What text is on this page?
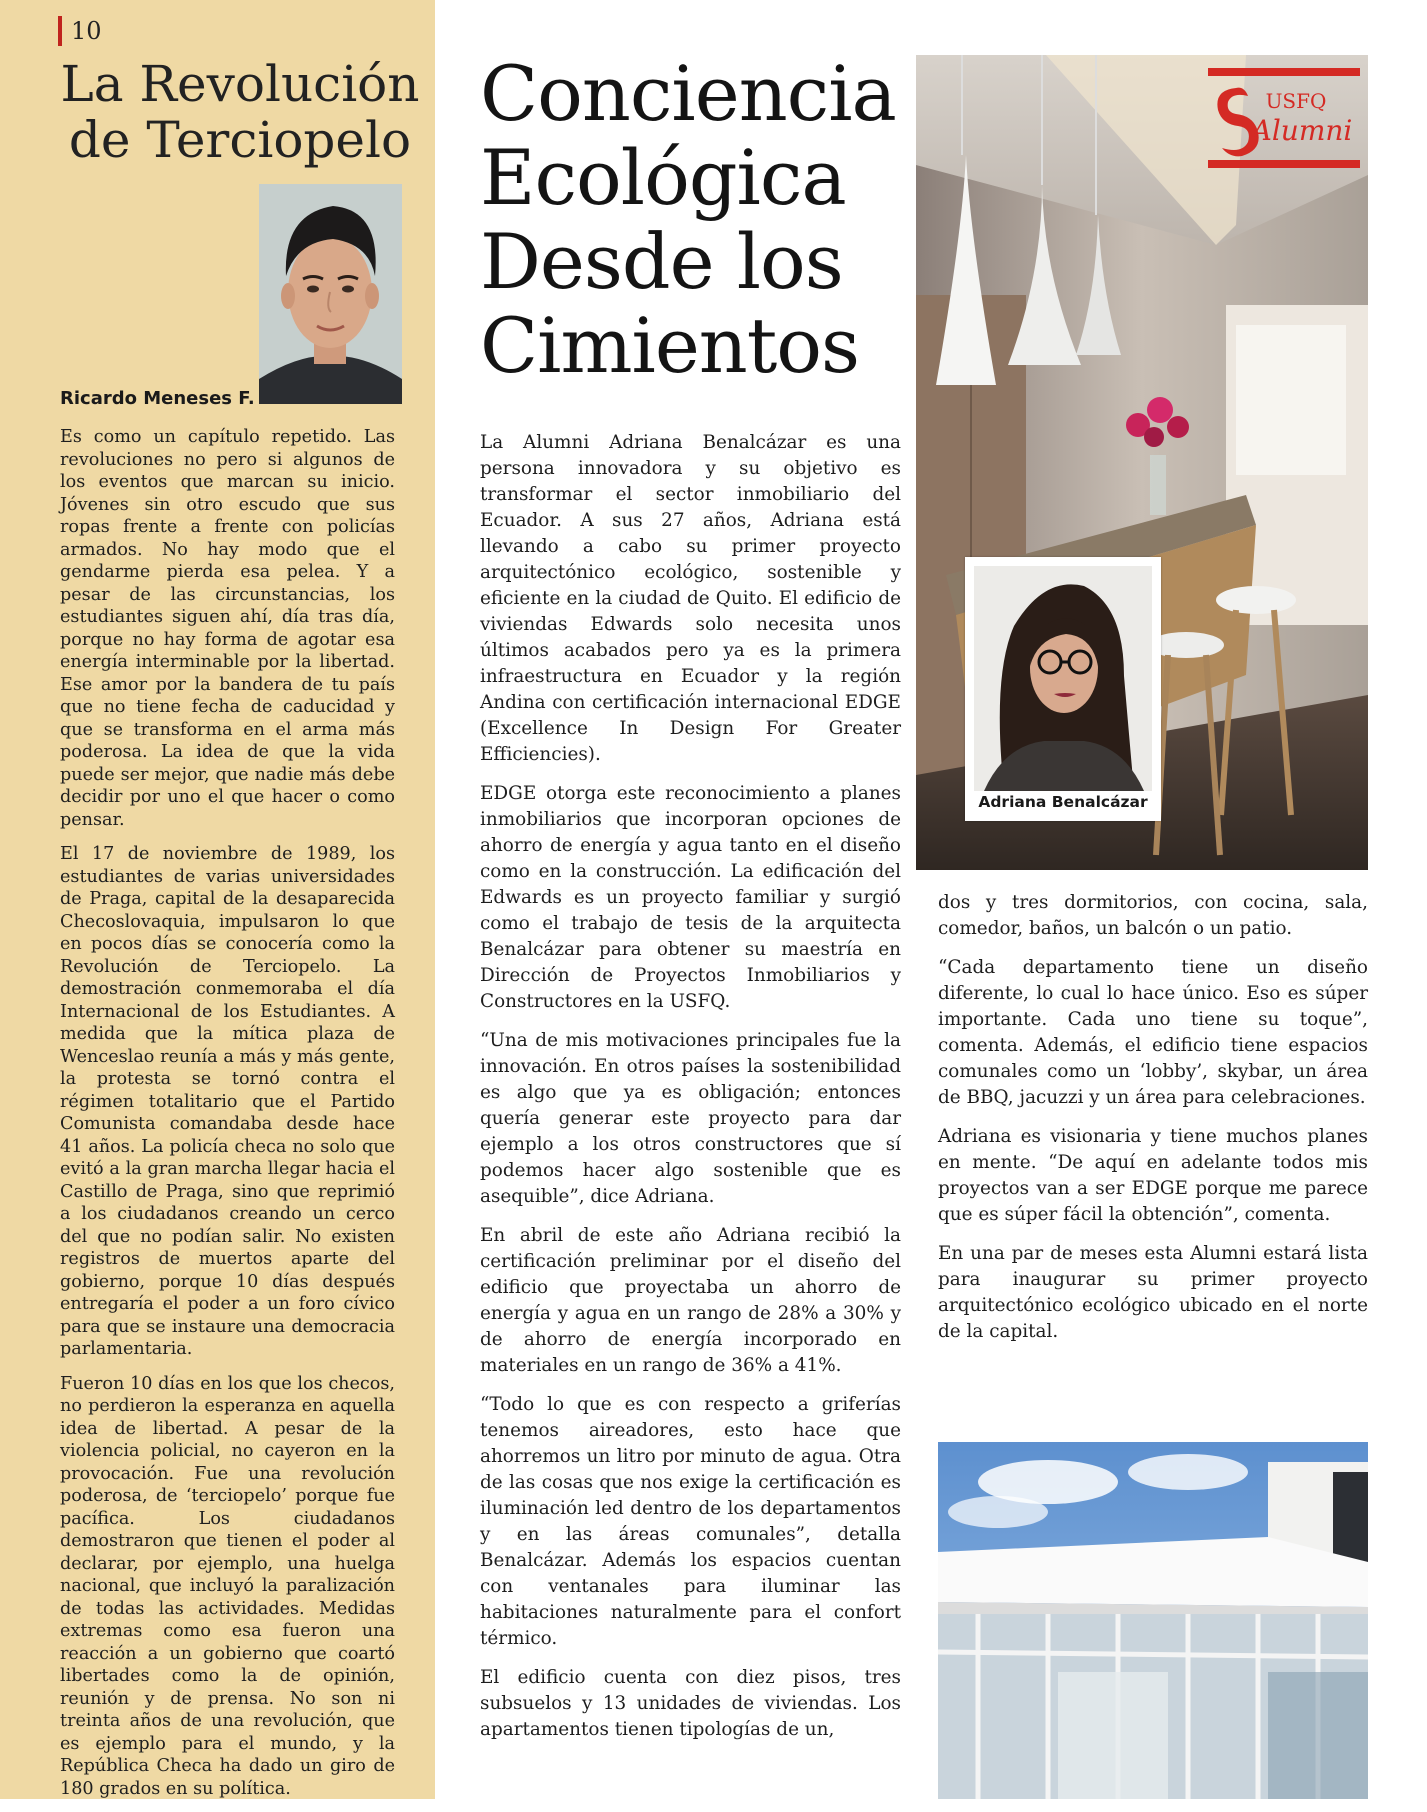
10
La Revolución de Terciopelo
Ricardo Meneses F.

Es como un capítulo repetido. Las revoluciones no pero si algunos de los eventos que marcan su inicio. Jóvenes sin otro escudo que sus ropas frente a frente con policías armados. No hay modo que el gendarme pierda esa pelea. Y a pesar de las circunstancias, los estudiantes siguen ahí, día tras día, porque no hay forma de agotar esa energía interminable por la libertad. Ese amor por la bandera de tu país que no tiene fecha de caducidad y que se transforma en el arma más poderosa. La idea de que la vida puede ser mejor, que nadie más debe decidir por uno el que hacer o como pensar.

El 17 de noviembre de 1989, los estudiantes de varias universidades de Praga, capital de la desaparecida Checoslovaquia, impulsaron lo que en pocos días se conocería como la Revolución de Terciopelo. La demostración conmemoraba el día Internacional de los Estudiantes. A medida que la mítica plaza de Wenceslao reunía a más y más gente, la protesta se tornó contra el régimen totalitario que el Partido Comunista comandaba desde hace 41 años. La policía checa no solo que evitó a la gran marcha llegar hacia el Castillo de Praga, sino que reprimió a los ciudadanos creando un cerco del que no podían salir. No existen registros de muertos aparte del gobierno, porque 10 días después entregaría el poder a un foro cívico para que se instaure una democracia parlamentaria.

Fueron 10 días en los que los checos, no perdieron la esperanza en aquella idea de libertad. A pesar de la violencia policial, no cayeron en la provocación. Fue una revolución poderosa, de ‘terciopelo’ porque fue pacífica. Los ciudadanos demostraron que tienen el poder al declarar, por ejemplo, una huelga nacional, que incluyó la paralización de todas las actividades. Medidas extremas como esa fueron una reacción a un gobierno que coartó libertades como la de opinión, reunión y de prensa. No son ni treinta años de una revolución, que es ejemplo para el mundo, y la República Checa ha dado un giro de 180 grados en su política.

Conciencia Ecológica Desde los Cimientos

La Alumni Adriana Benalcázar es una persona innovadora y su objetivo es transformar el sector inmobiliario del Ecuador. A sus 27 años, Adriana está llevando a cabo su primer proyecto arquitectónico ecológico, sostenible y eficiente en la ciudad de Quito. El edificio de viviendas Edwards solo necesita unos últimos acabados pero ya es la primera infraestructura en Ecuador y la región Andina con certificación internacional EDGE (Excellence In Design For Greater Efficiencies).

EDGE otorga este reconocimiento a planes inmobiliarios que incorporan opciones de ahorro de energía y agua tanto en el diseño como en la construcción. La edificación del Edwards es un proyecto familiar y surgió como el trabajo de tesis de la arquitecta Benalcázar para obtener su maestría en Dirección de Proyectos Inmobiliarios y Constructores en la USFQ.

“Una de mis motivaciones principales fue la innovación. En otros países la sostenibilidad es algo que ya es obligación; entonces quería generar este proyecto para dar ejemplo a los otros constructores que sí podemos hacer algo sostenible que es asequible”, dice Adriana.

En abril de este año Adriana recibió la certificación preliminar por el diseño del edificio que proyectaba un ahorro de energía y agua en un rango de 28% a 30% y de ahorro de energía incorporado en materiales en un rango de 36% a 41%.

“Todo lo que es con respecto a griferías tenemos aireadores, esto hace que ahorremos un litro por minuto de agua. Otra de las cosas que nos exige la certificación es iluminación led dentro de los departamentos y en las áreas comunales”, detalla Benalcázar. Además los espacios cuentan con ventanales para iluminar las habitaciones naturalmente para el confort térmico.

El edificio cuenta con diez pisos, tres subsuelos y 13 unidades de viviendas. Los apartamentos tienen tipologías de un,

USFQ
Alumni
Adriana Benalcázar

dos y tres dormitorios, con cocina, sala, comedor, baños, un balcón o un patio.

“Cada departamento tiene un diseño diferente, lo cual lo hace único. Eso es súper importante. Cada uno tiene su toque”, comenta. Además, el edificio tiene espacios comunales como un ‘lobby’, skybar, un área de BBQ, jacuzzi y un área para celebraciones.

Adriana es visionaria y tiene muchos planes en mente. “De aquí en adelante todos mis proyectos van a ser EDGE porque me parece que es súper fácil la obtención”, comenta.

En una par de meses esta Alumni estará lista para inaugurar su primer proyecto arquitectónico ecológico ubicado en el norte de la capital.
